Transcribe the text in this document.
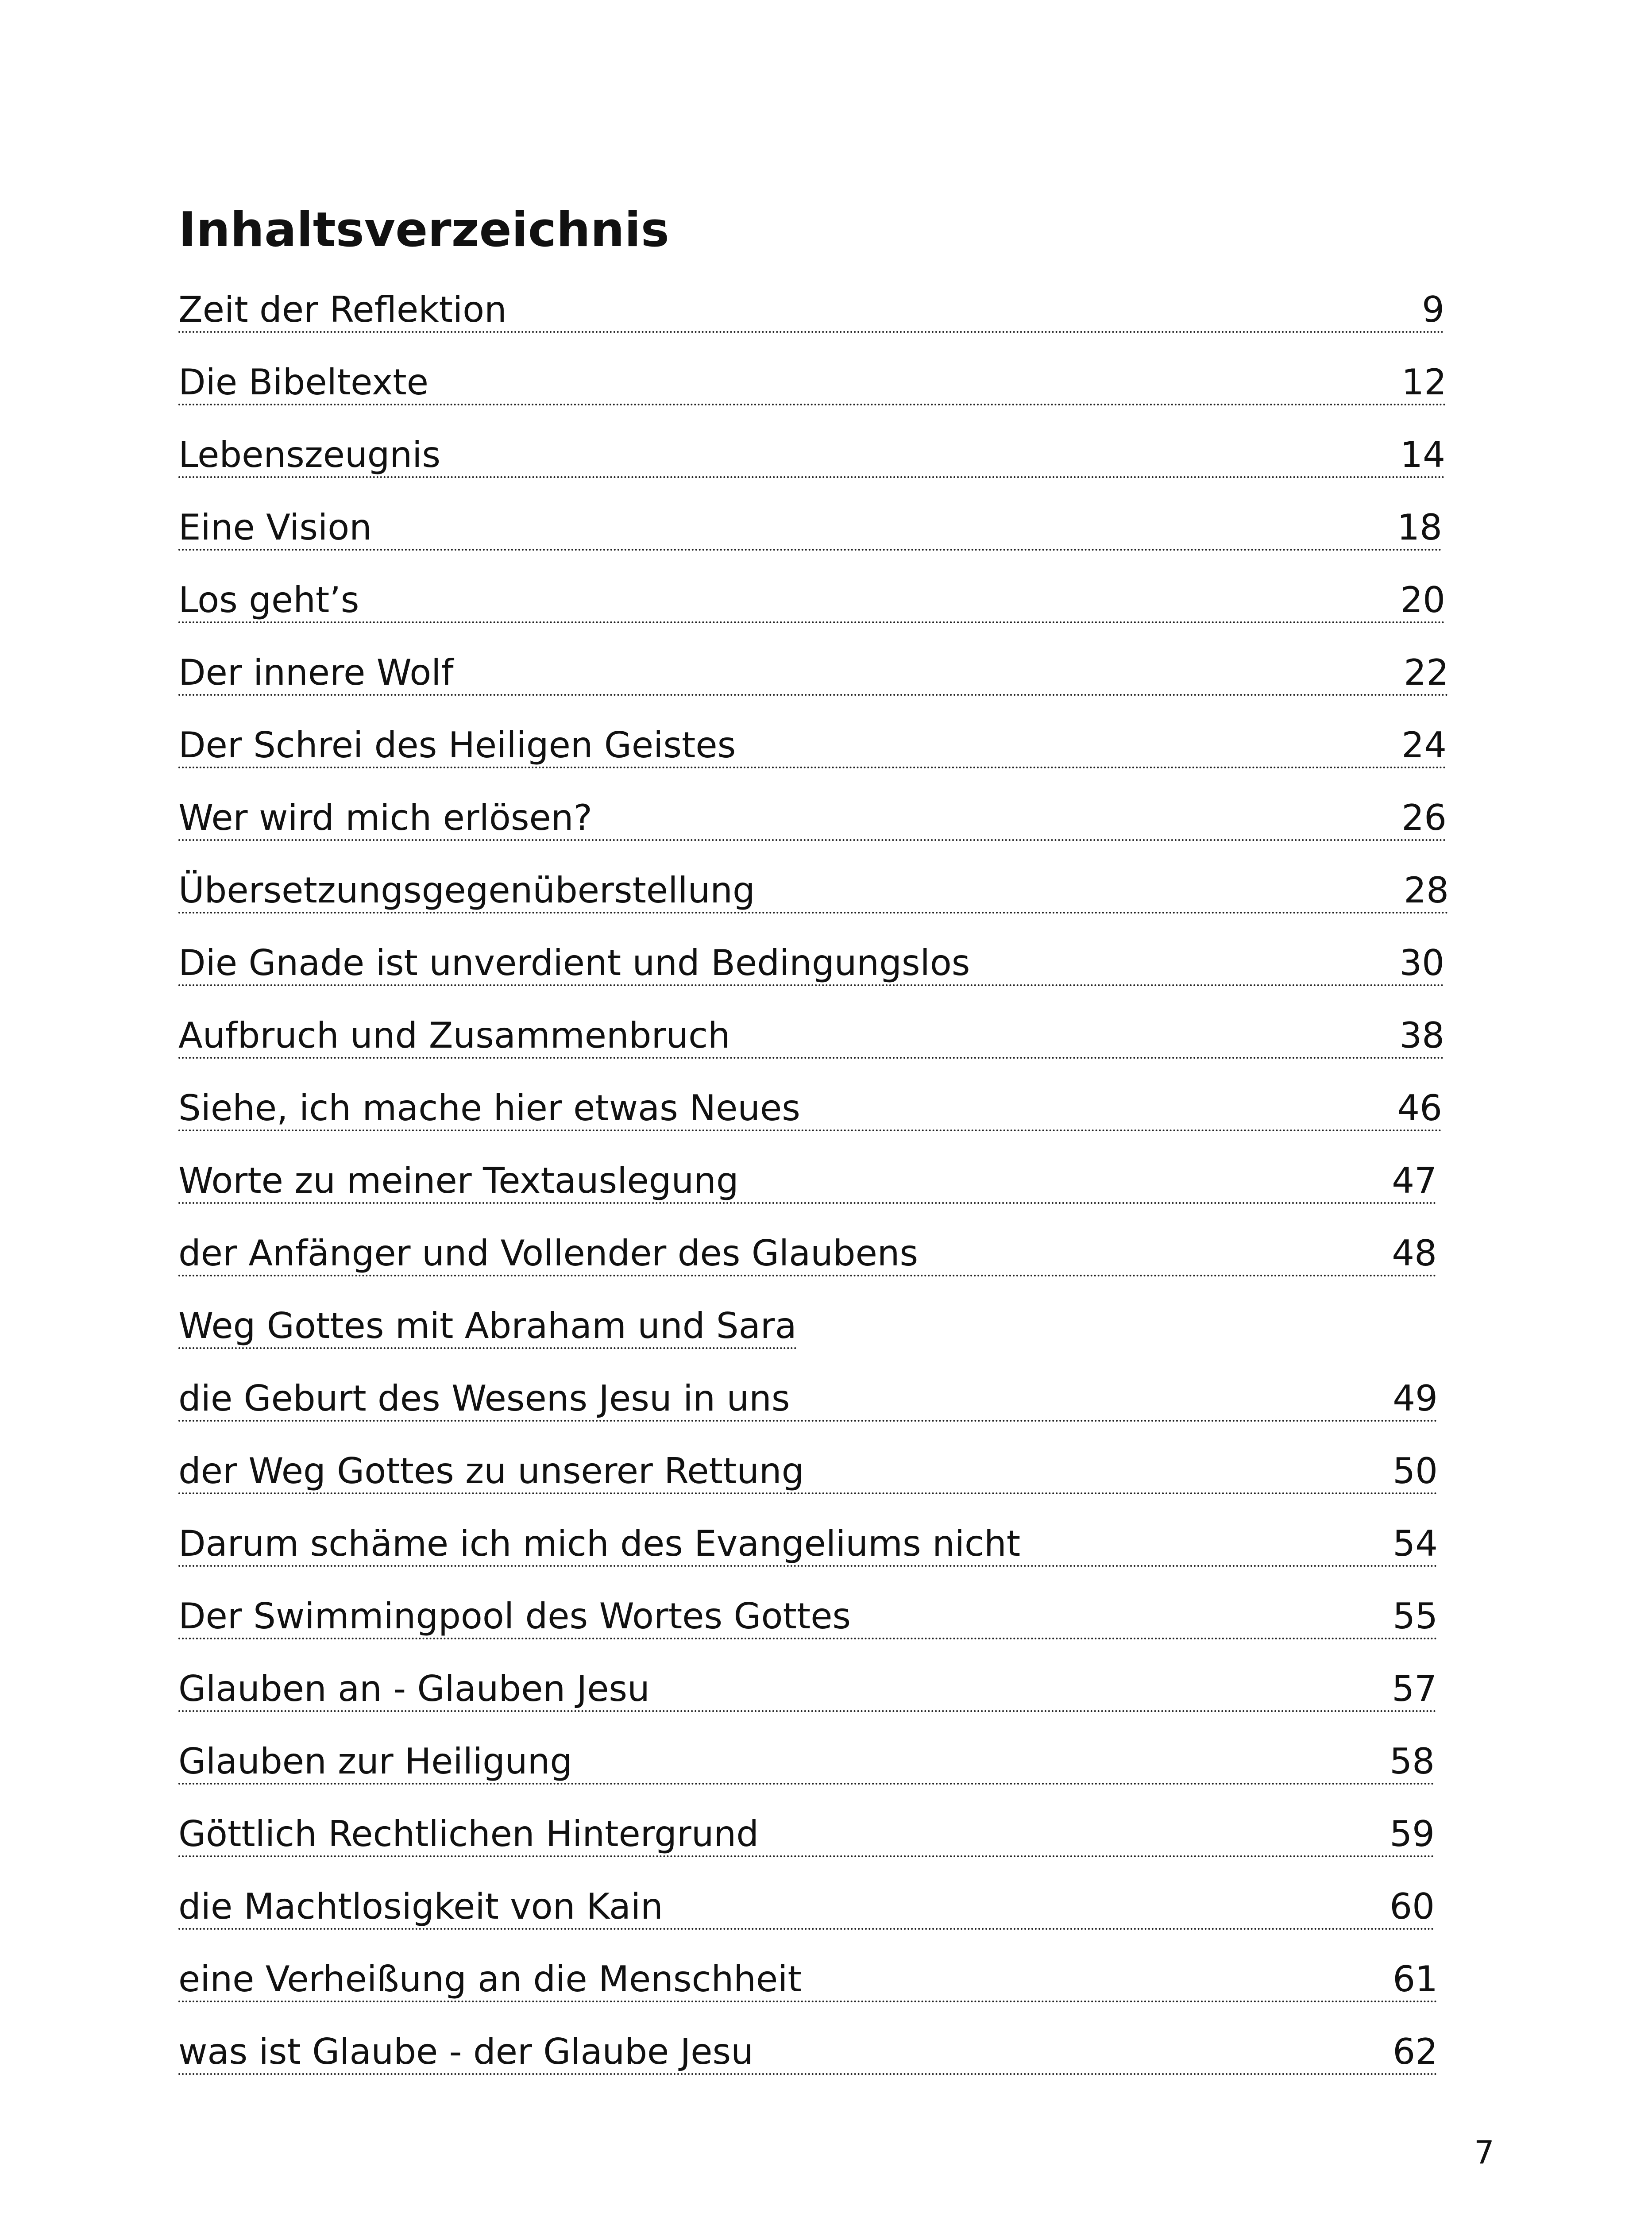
Inhaltsverzeichnis
Zeit der Reflektion	9
Die Bibeltexte	12
Lebenszeugnis	14
Eine Vision	18
Los geht’s	20
Der innere Wolf	22
Der Schrei des Heiligen Geistes	24
Wer wird mich erlösen?	26
Übersetzungsgegenüberstellung	28
Die Gnade ist unverdient und Bedingungslos	30
Aufbruch und Zusammenbruch	38
Siehe, ich mache hier etwas Neues	46
Worte zu meiner Textauslegung	47
der Anfänger und Vollender des Glaubens	48
Weg Gottes mit Abraham und Sara
die Geburt des Wesens Jesu in uns	49
der Weg Gottes zu unserer Rettung	50
Darum schäme ich mich des Evangeliums nicht	54
Der Swimmingpool des Wortes Gottes	55
Glauben an - Glauben Jesu	57
Glauben zur Heiligung	58
Göttlich Rechtlichen Hintergrund	59
die Machtlosigkeit von Kain	60
eine Verheißung an die Menschheit	61
was ist Glaube - der Glaube Jesu	62
7
